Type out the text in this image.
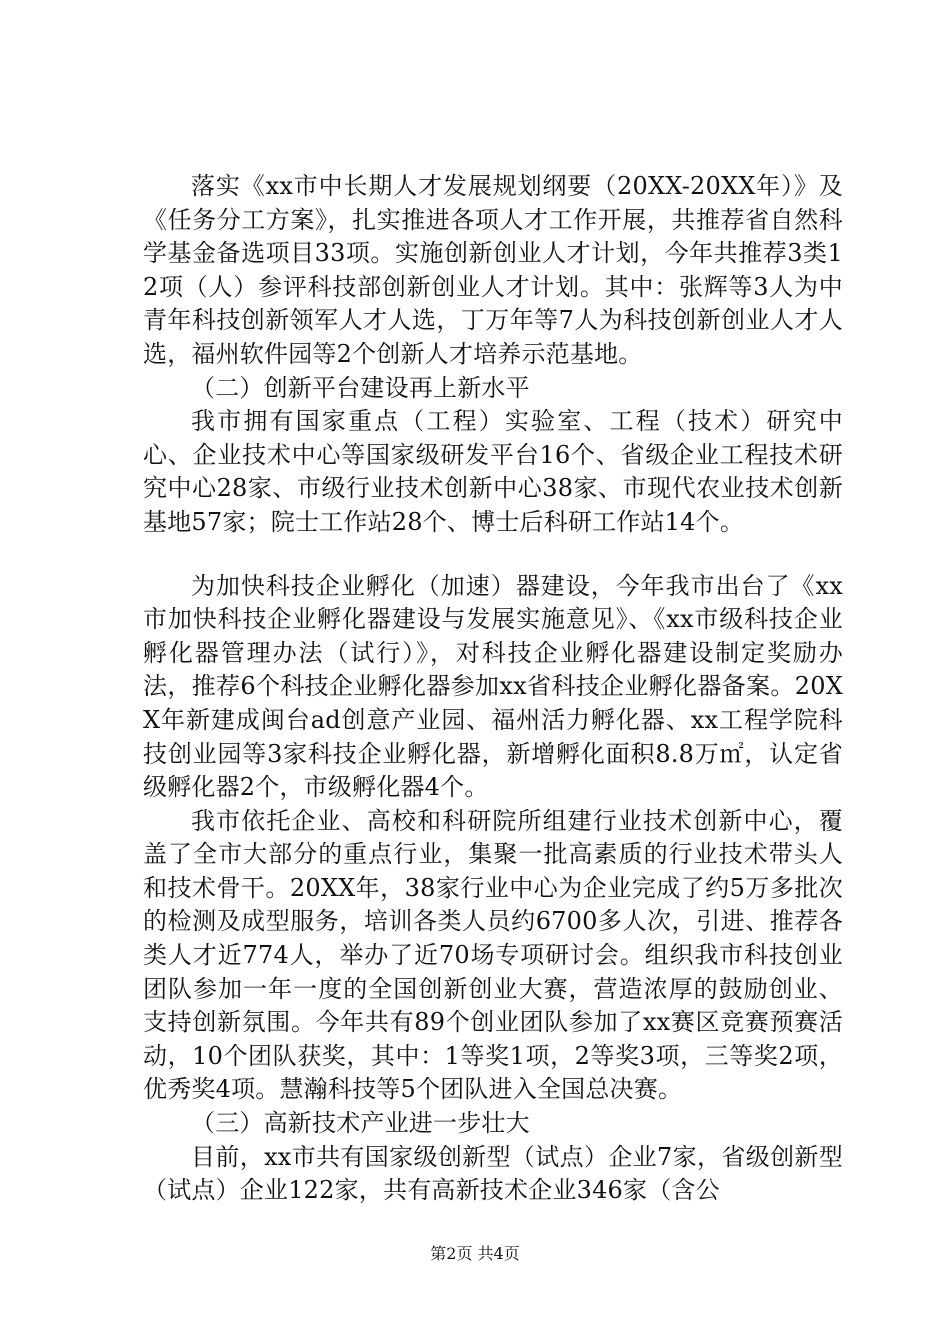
落实《xx市中长期人才发展规划纲要（20XX-20XX年）》及《任务分工方案》，扎实推进各项人才工作开展，共推荐省自然科学基金备选项目33项。实施创新创业人才计划，今年共推荐3类12项（人）参评科技部创新创业人才计划。其中：张辉等3人为中青年科技创新领军人才人选，丁万年等7人为科技创新创业人才人选，福州软件园等2个创新人才培养示范基地。

（二）创新平台建设再上新水平

我市拥有国家重点（工程）实验室、工程（技术）研究中心、企业技术中心等国家级研发平台16个、省级企业工程技术研究中心28家、市级行业技术创新中心38家、市现代农业技术创新基地57家；院士工作站28个、博士后科研工作站14个。

为加快科技企业孵化（加速）器建设，今年我市出台了《xx市加快科技企业孵化器建设与发展实施意见》、《xx市级科技企业孵化器管理办法（试行）》，对科技企业孵化器建设制定奖励办法，推荐6个科技企业孵化器参加xx省科技企业孵化器备案。20XX年新建成闽台ad创意产业园、福州活力孵化器、xx工程学院科技创业园等3家科技企业孵化器，新增孵化面积8.8万㎡，认定省级孵化器2个，市级孵化器4个。

我市依托企业、高校和科研院所组建行业技术创新中心，覆盖了全市大部分的重点行业，集聚一批高素质的行业技术带头人和技术骨干。20XX年，38家行业中心为企业完成了约5万多批次的检测及成型服务，培训各类人员约6700多人次，引进、推荐各类人才近774人，举办了近70场专项研讨会。组织我市科技创业团队参加一年一度的全国创新创业大赛，营造浓厚的鼓励创业、支持创新氛围。今年共有89个创业团队参加了xx赛区竞赛预赛活动，10个团队获奖，其中：1等奖1项，2等奖3项，三等奖2项，优秀奖4项。慧瀚科技等5个团队进入全国总决赛。

（三）高新技术产业进一步壮大

目前，xx市共有国家级创新型（试点）企业7家，省级创新型（试点）企业122家，共有高新技术企业346家（含公

第2页 共4页
